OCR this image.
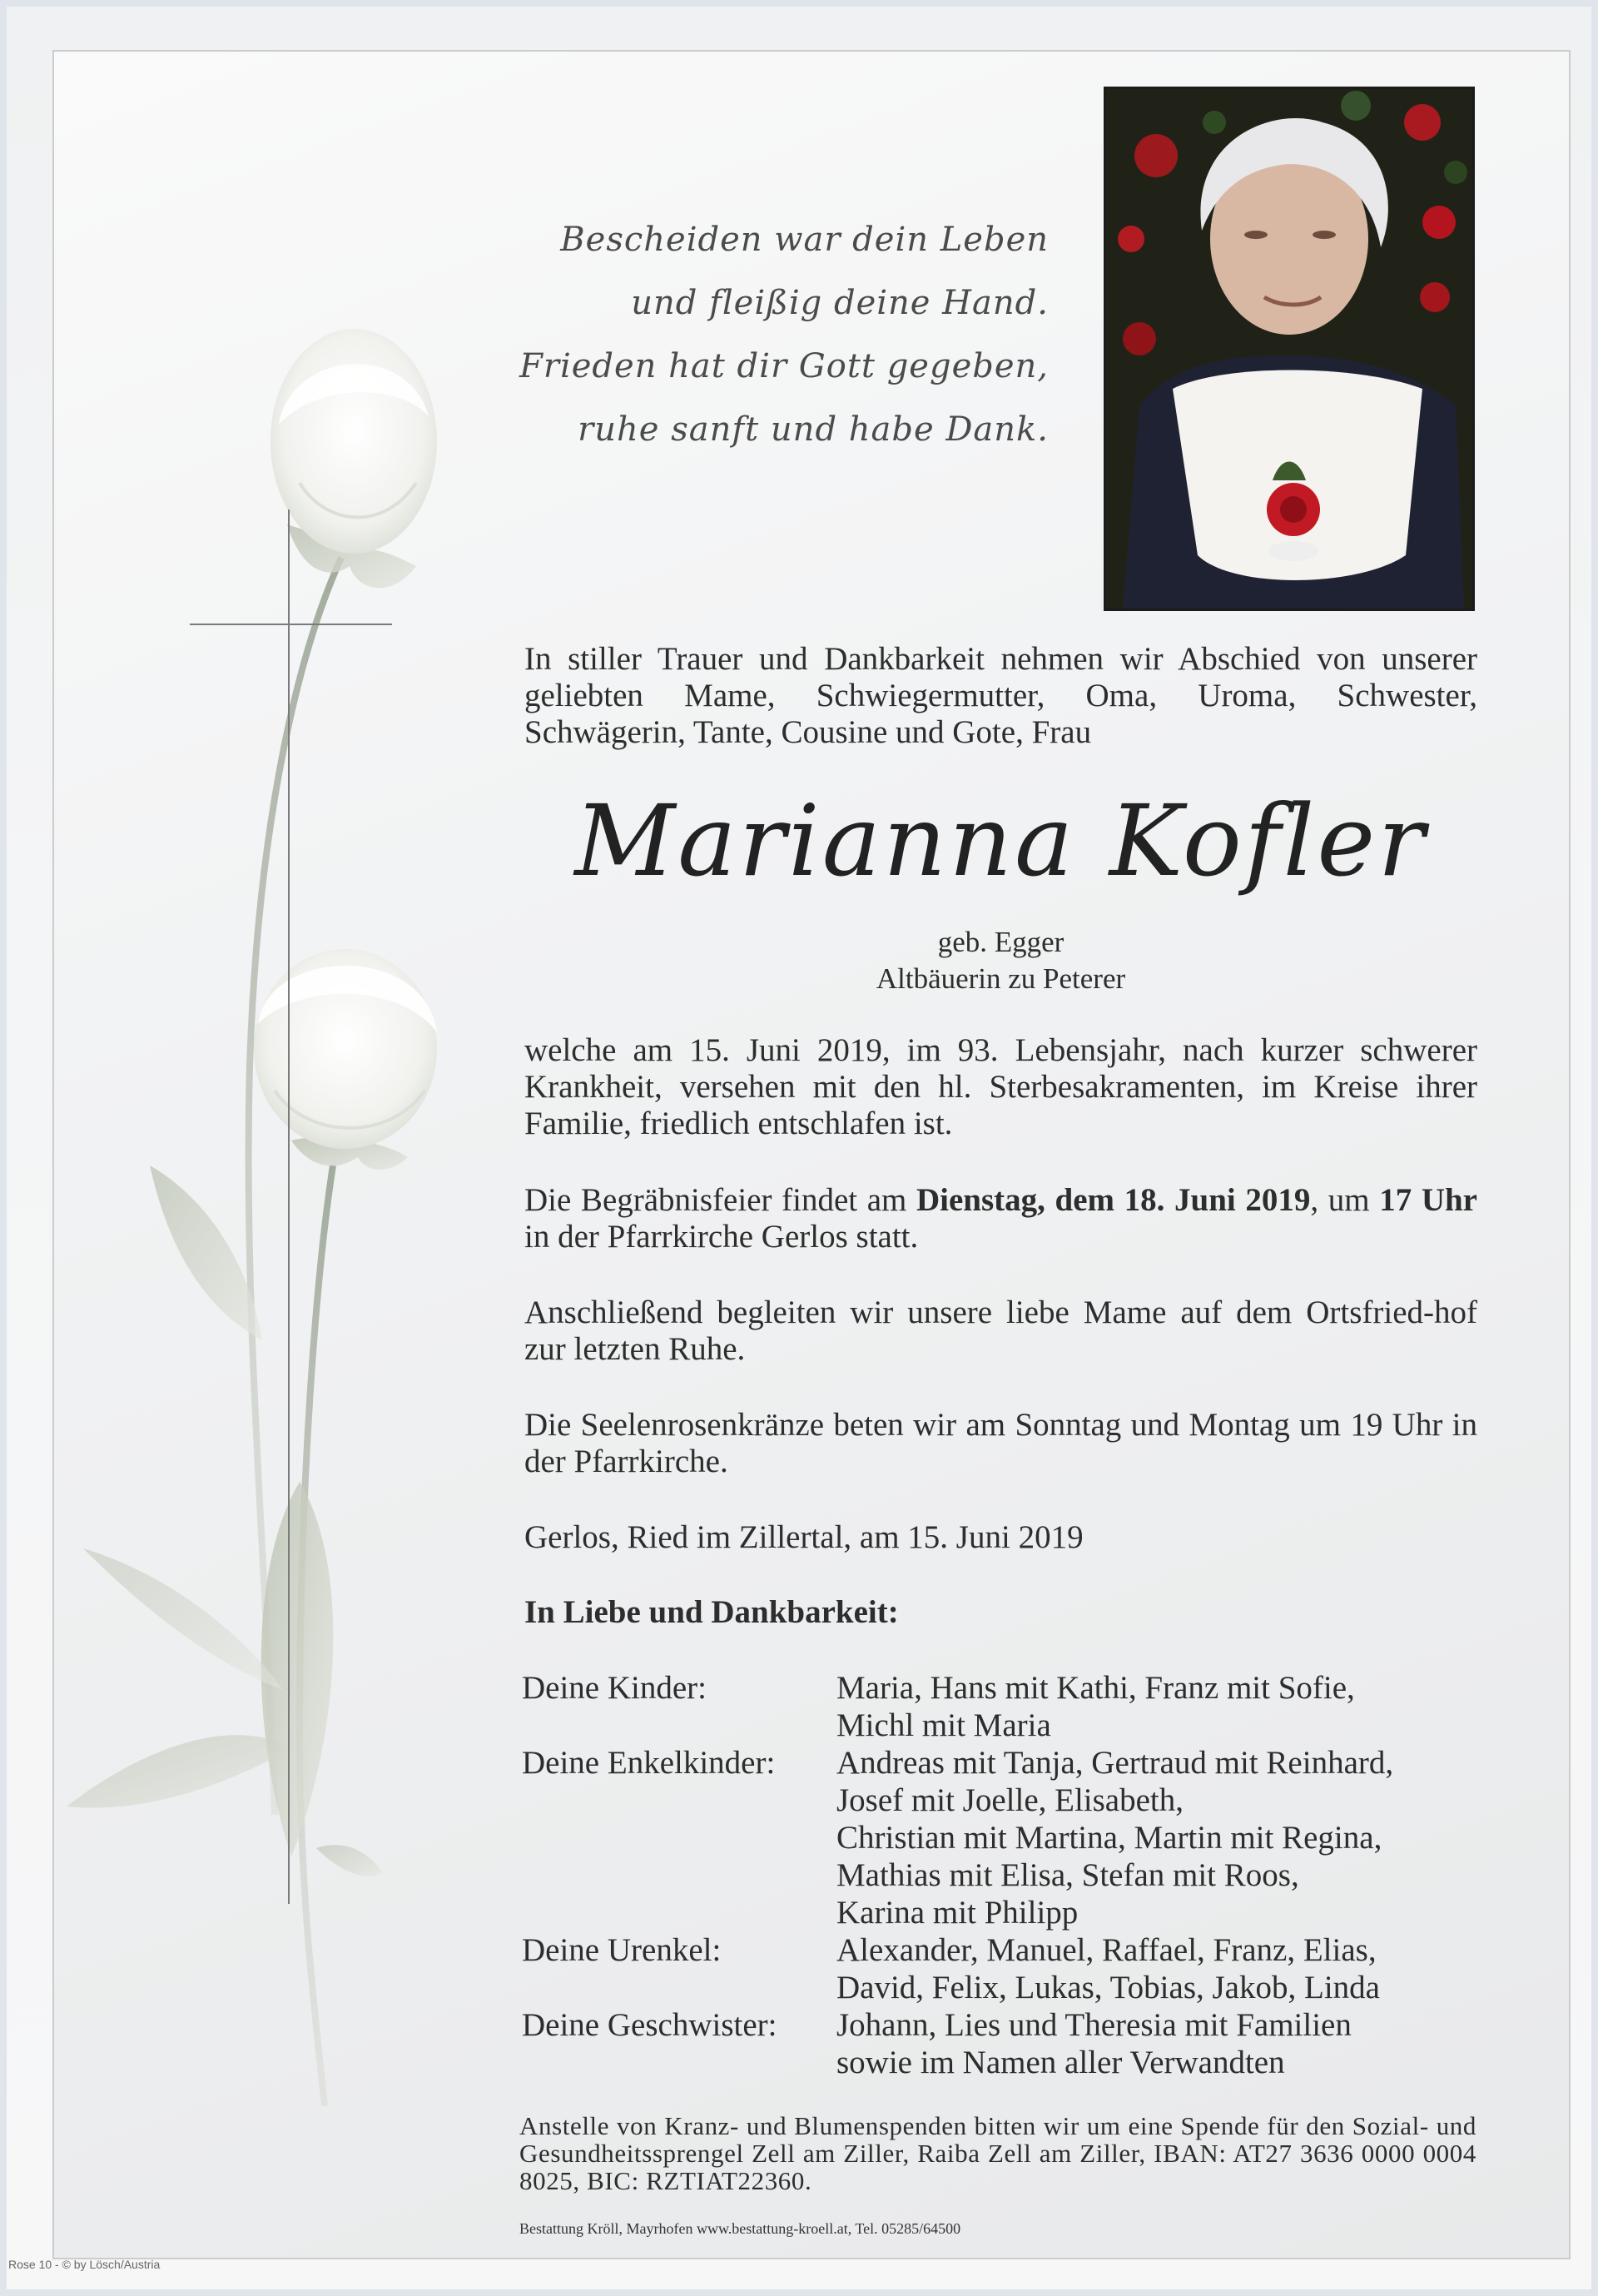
Bescheiden war dein Leben
und fleißig deine Hand.
Frieden hat dir Gott gegeben,
ruhe sanft und habe Dank.
In stiller Trauer und Dankbarkeit nehmen wir Abschied von unserer geliebten Mame, Schwiegermutter, Oma, Uroma, Schwester, Schwägerin, Tante, Cousine und Gote, Frau
Marianna Kofler
geb. Egger
Altbäuerin zu Peterer
welche am 15. Juni 2019, im 93. Lebensjahr, nach kurzer schwerer Krankheit, versehen mit den hl. Sterbesakramenten, im Kreise ihrer Familie, friedlich entschlafen ist.
Die Begräbnisfeier findet am Dienstag, dem 18. Juni 2019, um 17 Uhr in der Pfarrkirche Gerlos statt.
Anschließend begleiten wir unsere liebe Mame auf dem Ortsfried-hof zur letzten Ruhe.
Die Seelenrosenkränze beten wir am Sonntag und Montag um 19 Uhr in der Pfarrkirche.
Gerlos, Ried im Zillertal, am 15. Juni 2019
In Liebe und Dankbarkeit:
Deine Kinder:	Maria, Hans mit Kathi, Franz mit Sofie,
Michl mit Maria
Deine Enkelkinder:	Andreas mit Tanja, Gertraud mit Reinhard,
Josef mit Joelle, Elisabeth,
Christian mit Martina, Martin mit Regina,
Mathias mit Elisa, Stefan mit Roos,
Karina mit Philipp
Deine Urenkel:	Alexander, Manuel, Raffael, Franz, Elias,
David, Felix, Lukas, Tobias, Jakob, Linda
Deine Geschwister:	Johann, Lies und Theresia mit Familien
sowie im Namen aller Verwandten
Anstelle von Kranz- und Blumenspenden bitten wir um eine Spende für den Sozial- und Gesundheitssprengel Zell am Ziller, Raiba Zell am Ziller, IBAN: AT27 3636 0000 0004 8025, BIC: RZTIAT22360.
Bestattung Kröll, Mayrhofen www.bestattung-kroell.at, Tel. 05285/64500
Rose 10 - © by Lösch/Austria
